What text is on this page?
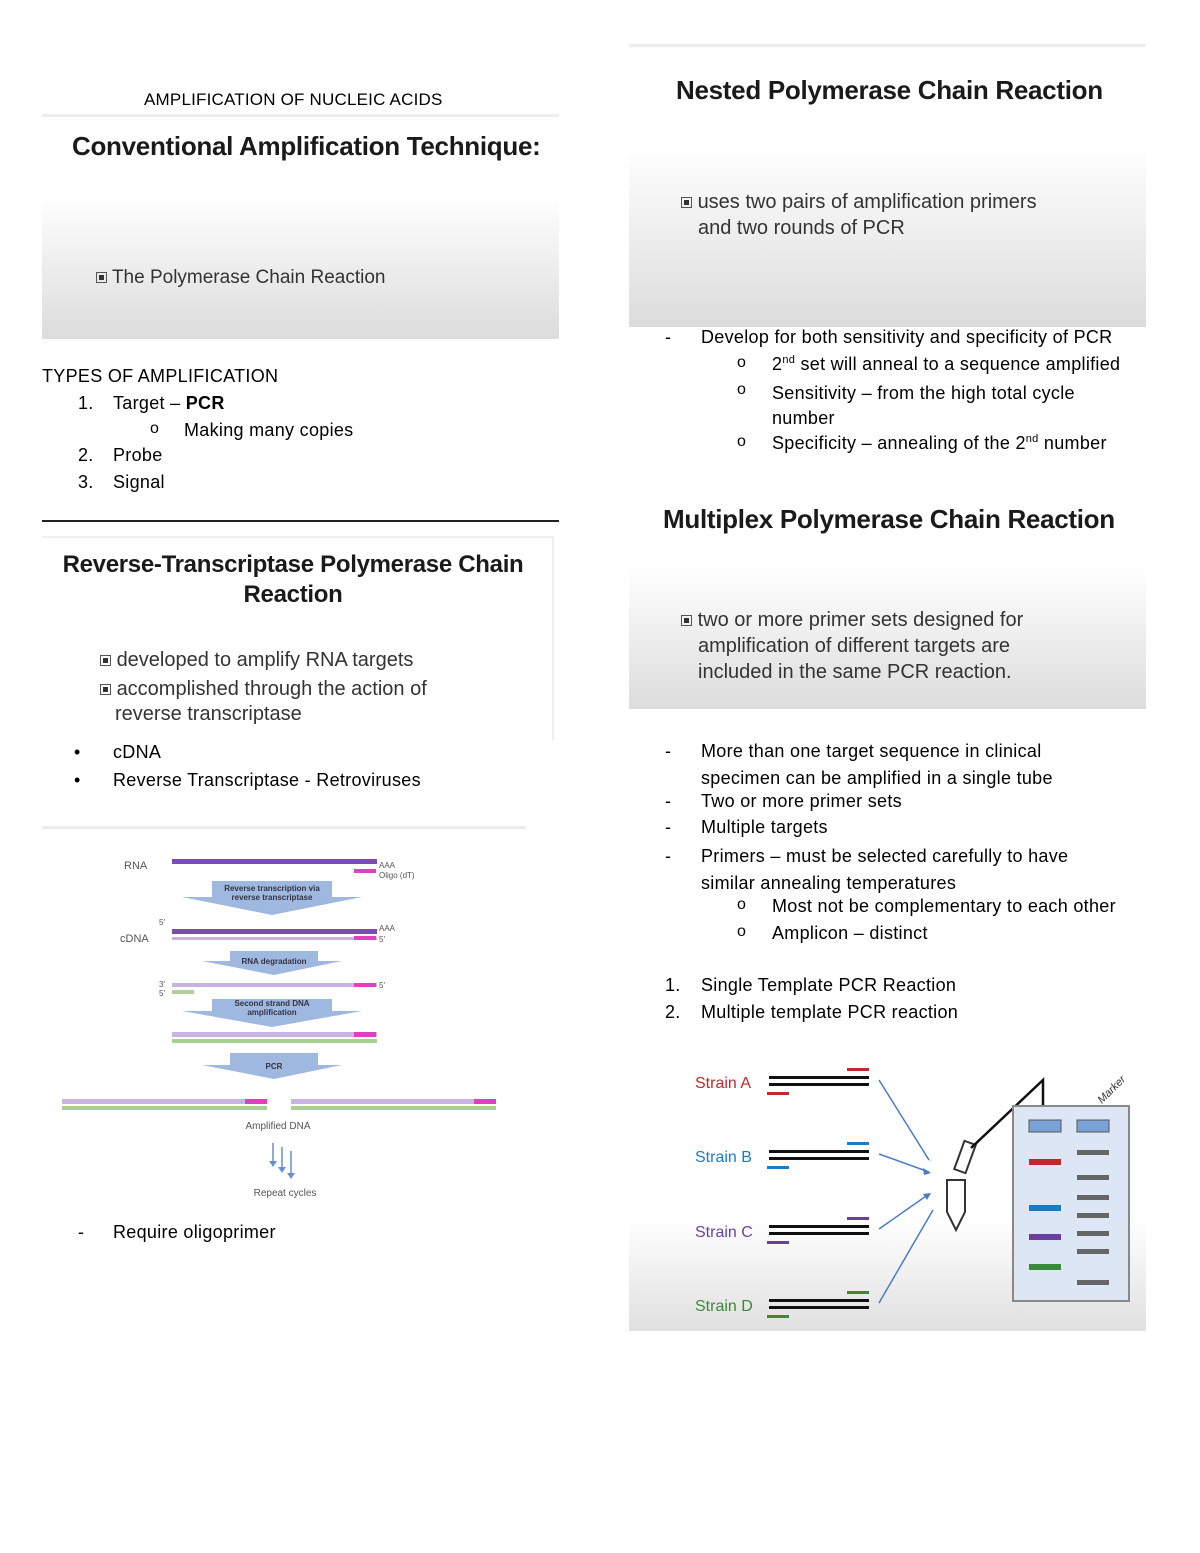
AMPLIFICATION OF NUCLEIC ACIDS
Conventional Amplification Technique:
The Polymerase Chain Reaction
TYPES OF AMPLIFICATION
1. Target – PCR
o Making many copies
2. Probe
3. Signal
Reverse-Transcriptase Polymerase Chain
Reaction
developed to amplify RNA targets
accomplished through the action of
reverse transcriptase
• cDNA
• Reverse Transcriptase - Retroviruses
RNA	AAA
Oligo (dT)
Reverse transcription via
reverse transcriptase
5′
cDNA
AAA
5′
RNA degradation
3′
5′
5′
Second strand DNA
amplification
PCR
Amplified DNA
Repeat cycles
- Require oligoprimer
Nested Polymerase Chain Reaction
uses two pairs of amplification primers
and two rounds of PCR
- Develop for both sensitivity and specificity of PCR
o 2nd set will anneal to a sequence amplified
o Sensitivity – from the high total cycle
number
o Specificity – annealing of the 2nd number
Multiplex Polymerase Chain Reaction
two or more primer sets designed for
amplification of different targets are
included in the same PCR reaction.
- More than one target sequence in clinical
specimen can be amplified in a single tube
- Two or more primer sets
- Multiple targets
- Primers – must be selected carefully to have
similar annealing temperatures
o Most not be complementary to each other
o Amplicon – distinct
1. Single Template PCR Reaction
2. Multiple template PCR reaction
Strain A
Strain B
Strain C
Strain D
Marker
